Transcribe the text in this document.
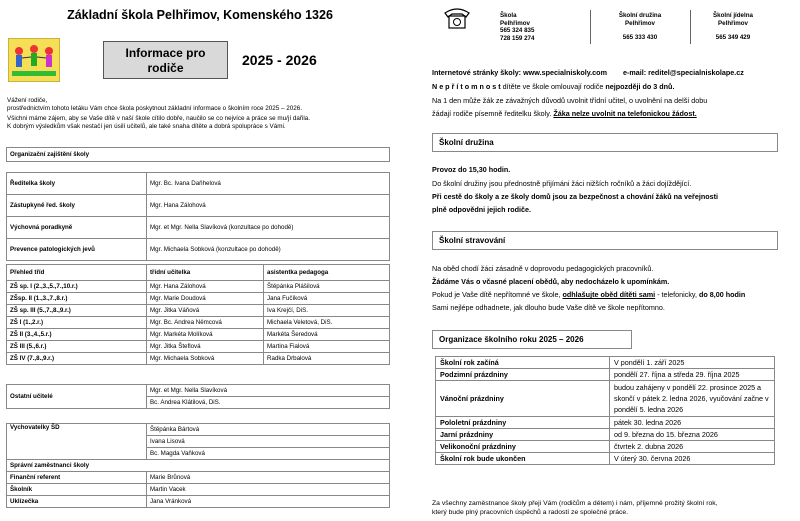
Základní škola Pelhřimov, Komenského 1326
Informace pro
rodiče	2025 - 2026
Vážení rodiče,
prostřednictvím tohoto letáku Vám chce škola poskytnout základní informace o školním roce 2025 – 2026.
Všichni máme zájem, aby se Vaše dítě v naší škole cítilo dobře, naučilo se co nejvíce a práce se mu/jí dařila.
K dobrým výsledkům však nestačí jen úsilí učitelů, ale také snaha dítěte a dobrá spolupráce s Vámi.
Organizační zajištění školy
Ředitelka školy	Mgr. Bc. Ivana Daňhelová
Zástupkyně řed. školy	Mgr. Hana Zálohová
Výchovná poradkyně	Mgr. et Mgr. Nella Slavíková (konzultace po dohodě)
Prevence patologických jevů	Mgr. Michaela Sobková (konzultace po dohodě)
Přehled tříd	třídní učitelka	asistentka pedagoga
ZŠ sp. I (2.,3.,5.,7.,10.r.)	Mgr. Hana Zálohová	Štěpánka Plášilová
ZŠsp. II (1.,3.,7.,8.r.)	Mgr. Marie Doudová	Jana Fučíková
ZŠ sp. III (5.,7.,8.,9.r.)	Mgr. Jitka Váňová	Iva Krejčí, DiS.
ZŠ I (1.,2.r.)	Mgr. Bc. Andrea Němcová	Michaela Veletová, DiS.
ZŠ II (3.,4.,5.r.)	Mgr. Markéta Molíková	Markéta Šeredová
ZŠ III (5.,6.r.)	Mgr. Jitka Šteflová	Martina Fialová
ZŠ IV (7.,8.,9.r.)	Mgr. Michaela Sobková	Radka Drbalová
Ostatní učitelé	Mgr. et Mgr. Nella Slavíková
Bc. Andrea Klátilová, DiS.
Vychovatelky ŠD	Štěpánka Bártová
	Ivana Lisová
	Bc. Magda Vaňková
Správní zaměstnanci školy	
Finanční referent	Marie Brůnová
Školník	Martin Vacek
Uklízečka	Jana Vránková
Škola
Pelhřimov
565 324 835
728 159 274
Školní družina
Pelhřimov
565 333 430
Školní jídelna
Pelhřimov
565 349 429
Internetové stránky školy: www.specialniskoly.com e-mail: reditel@specialniskolape.cz
N e p ř í t o m n o s t dítěte ve škole omlouvají rodiče nejpozději do 3 dnů.
Na 1 den může žák ze závažných důvodů uvolnit třídní učitel, o uvolnění na delší dobu
žádají rodiče písemně ředitelku školy. Žáka nelze uvolnit na telefonickou žádost.
Školní družina
Provoz do 15,30 hodin.
Do školní družiny jsou přednostně přijímáni žáci nižších ročníků a žáci dojíždějící.
Při cestě do školy a ze školy domů jsou za bezpečnost a chování žáků na veřejnosti
plně odpovědni jejich rodiče.
Školní stravování
Na oběd chodí žáci zásadně v doprovodu pedagogických pracovníků.
Žádáme Vás o včasné placení obědů, aby nedocházelo k upomínkám.
Pokud je Vaše dítě nepřítomné ve škole, odhlašujte oběd dítěti sami - telefonicky, do 8,00 hodin
Sami nejlépe odhadnete, jak dlouho bude Vaše dítě ve škole nepřítomno.
Organizace školního roku 2025 – 2026
Školní rok začíná	V pondělí 1. září 2025
Podzimní prázdniny	pondělí 27. října a středa 29. října 2025
Vánoční prázdniny	budou zahájeny v pondělí 22. prosince 2025 a skončí v pátek 2. ledna 2026, vyučování začne v pondělí 5. ledna 2026
Pololetní prázdniny	pátek 30. ledna 2026
Jarní prázdniny	od 9. března do 15. března 2026
Velikonoční prázdniny	čtvrtek 2. dubna 2026
Školní rok bude ukončen	V úterý 30. června 2026
Za všechny zaměstnance školy přeji Vám (rodičům a dětem) i nám, příjemně prožitý školní rok,
který bude plný pracovních úspěchů a radostí ze společné práce.
